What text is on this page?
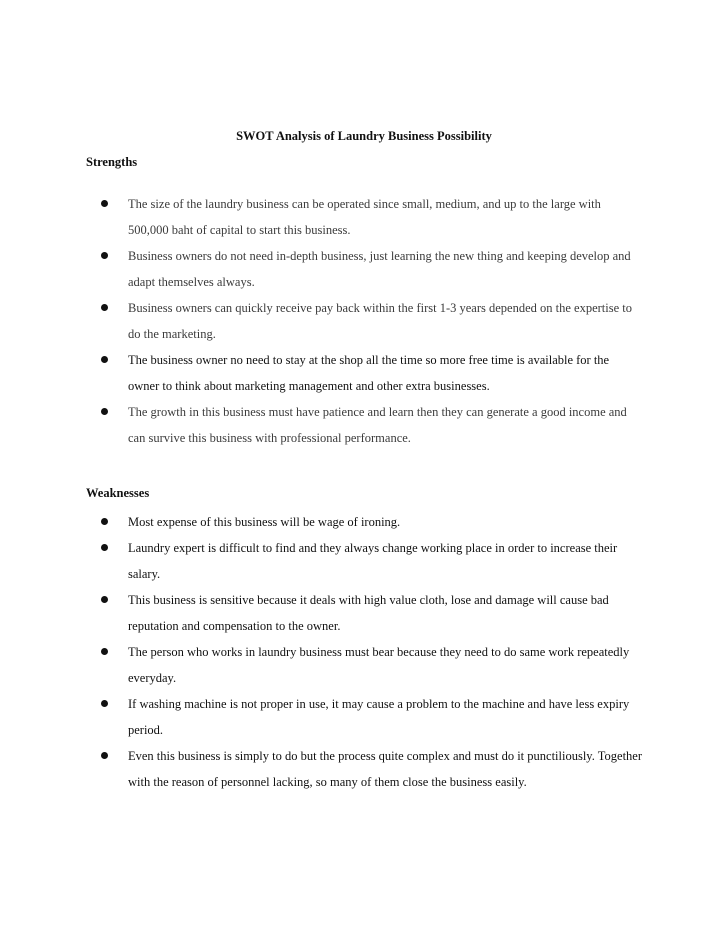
SWOT Analysis of Laundry Business Possibility
Strengths
The size of the laundry business can be operated since small, medium, and up to the large with 500,000 baht of capital to start this business.
Business owners do not need in-depth business, just learning the new thing and keeping develop and adapt themselves always.
Business owners can quickly receive pay back within the first 1-3 years depended on the expertise to do the marketing.
The business owner no need to stay at the shop all the time so more free time is available for the owner to think about marketing management and other extra businesses.
The growth in this business must have patience and learn then they can generate a good income and can survive this business with professional performance.
Weaknesses
Most expense of this business will be wage of ironing.
Laundry expert is difficult to find and they always change working place in order to increase their salary.
This business is sensitive because it deals with high value cloth, lose and damage will cause bad reputation and compensation to the owner.
The person who works in laundry business must bear because they need to do same work repeatedly everyday.
If washing machine is not proper in use, it may cause a problem to the machine and have less expiry period.
Even this business is simply to do but the process quite complex and must do it punctiliously. Together with the reason of personnel lacking, so many of them close the business easily.
